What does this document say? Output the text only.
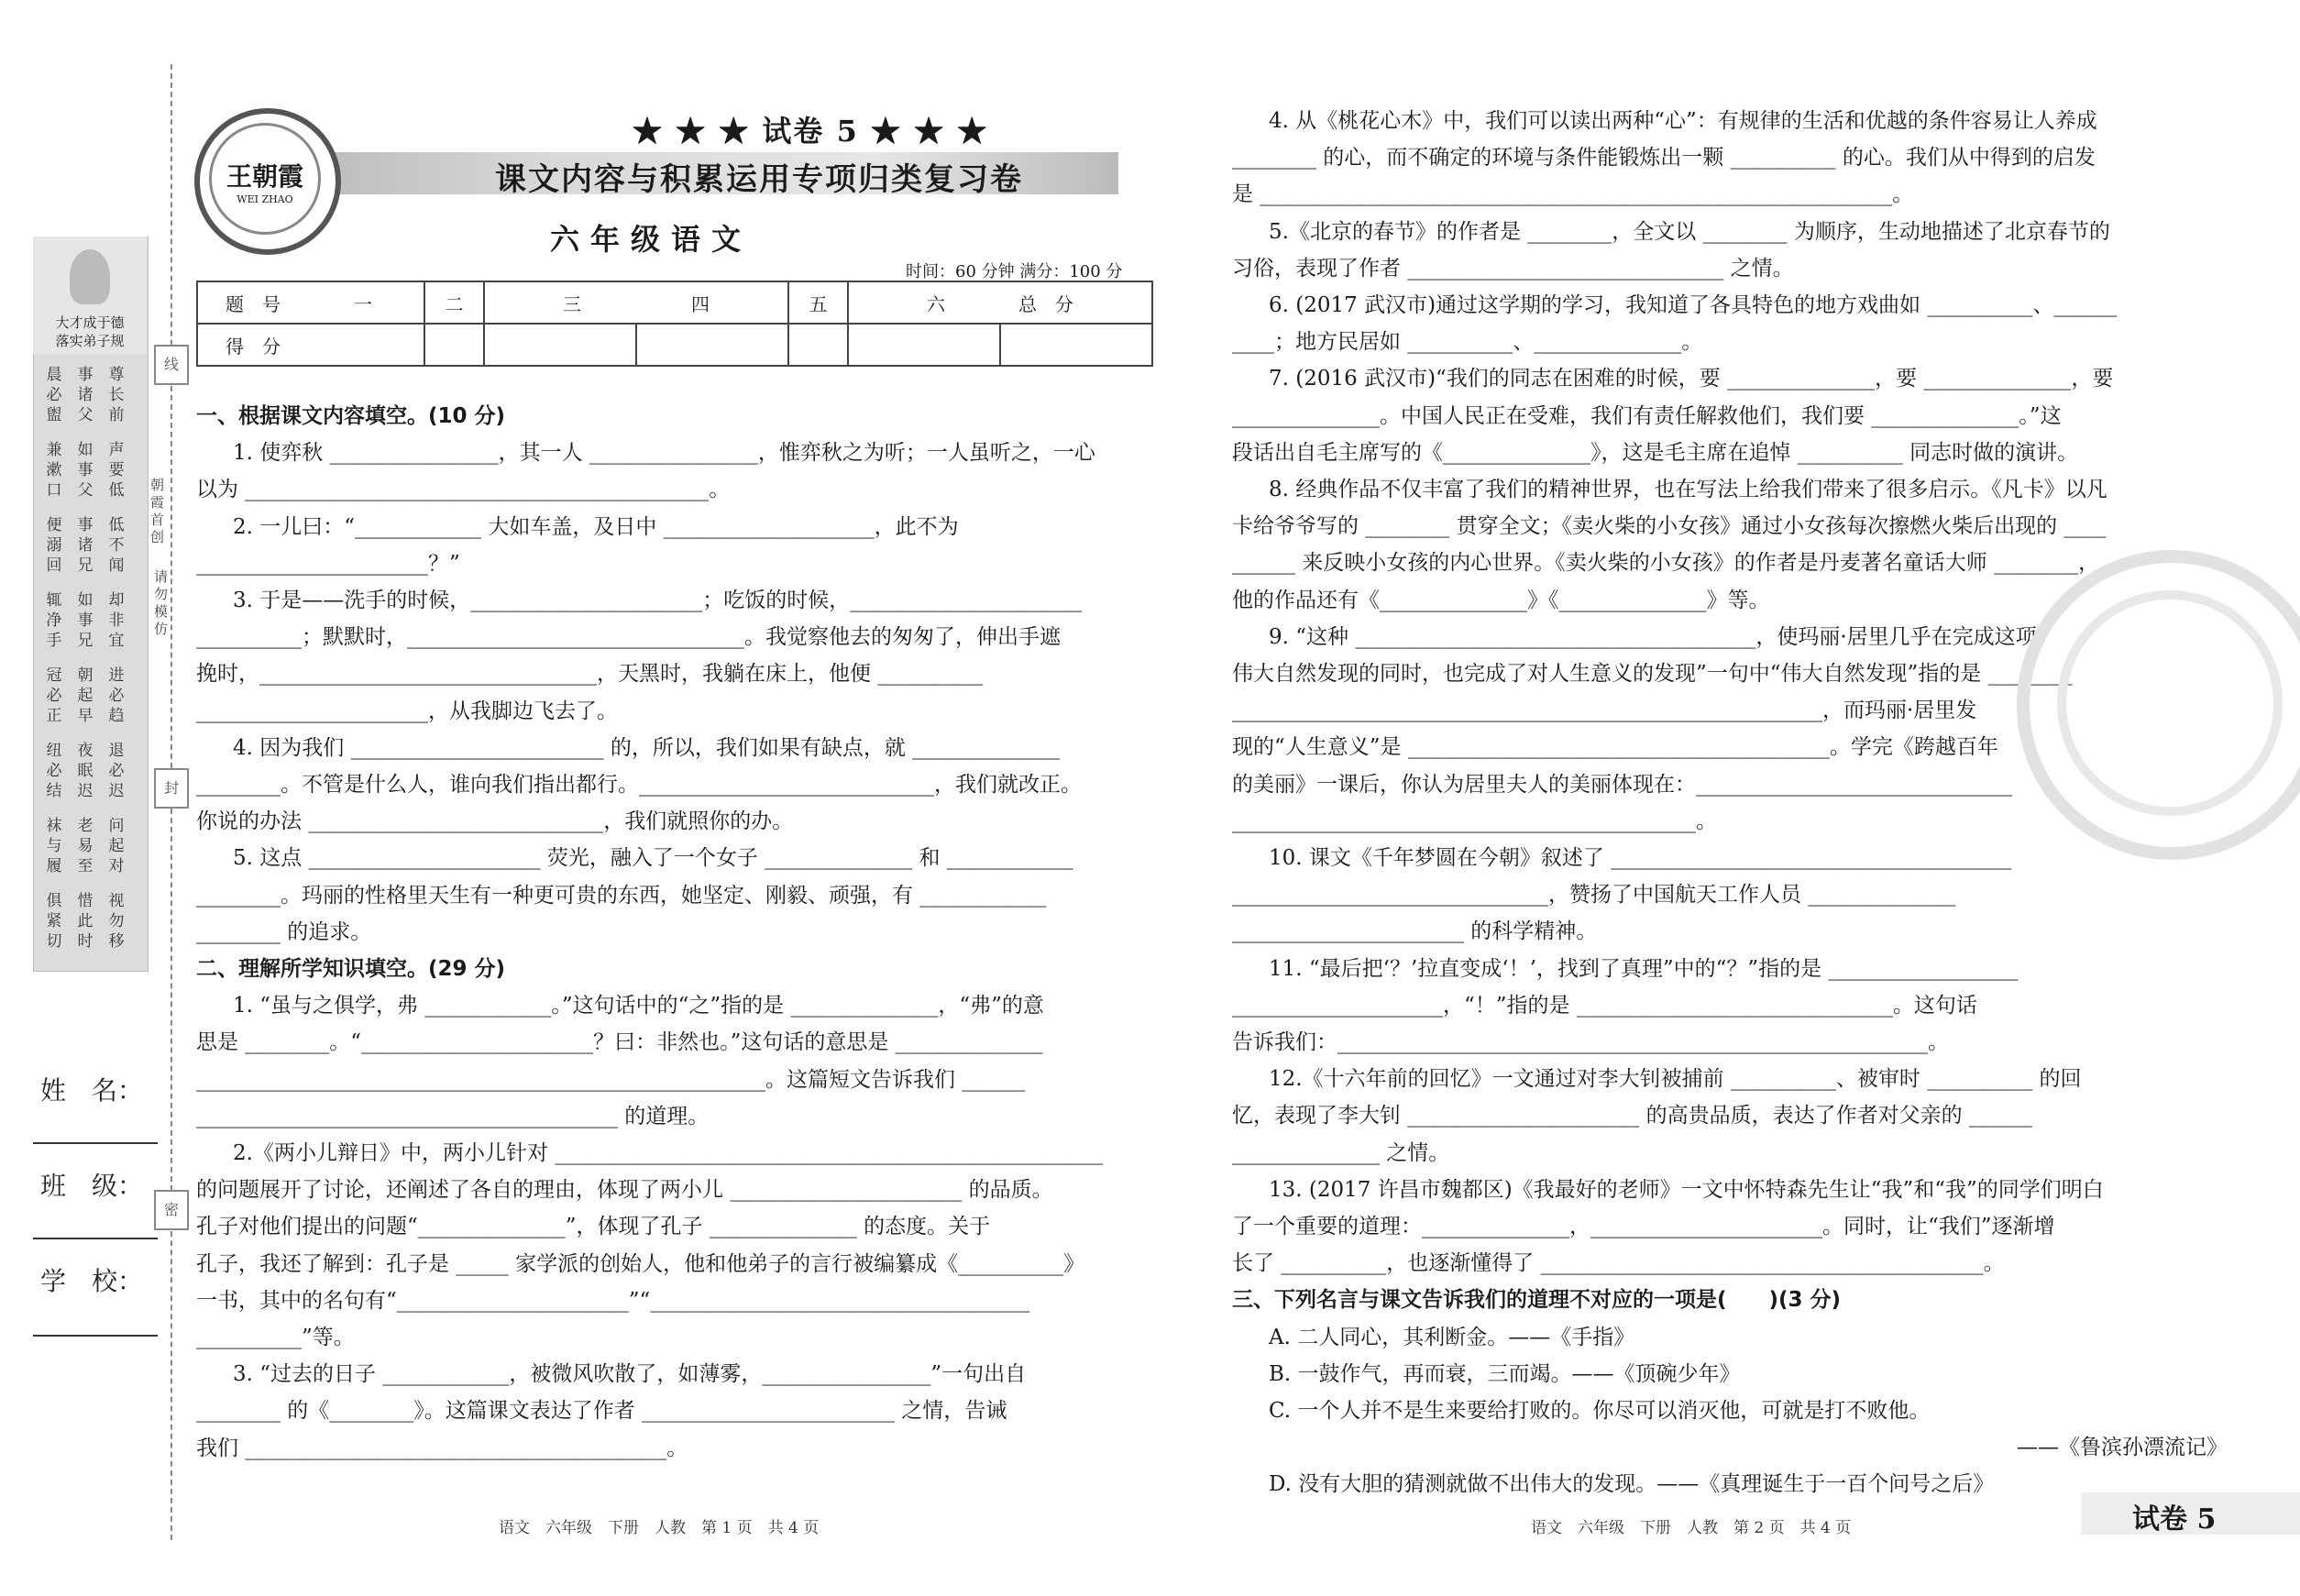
大才成于德
落实弟子规
晨必盥
事诸父
尊长前
兼漱口
如事父
声要低
便溺回
事诸兄
低不闻
辄净手
如事兄
却非宜
冠必正
朝起早
进必趋
纽必结
夜眠迟
退必迟
袜与履
老易至
问起对
俱紧切
惜此时
视勿移
线
封
密
朝霞首创
请勿模仿
姓　名：
班　级：
学　校：
王朝霞
WEI ZHAO
★ ★ ★ 试卷 5 ★ ★ ★
课文内容与积累运用专项归类复习卷
六年级语文
时间：60 分钟 满分：100 分
题　号　　　　 一	二	三　　　　　　 四		五	六　　　　 总　分	
得　分						
一、根据课文内容填空。(10 分)
1. 使弈秋 ________________，其一人 ________________，惟弈秋之为听；一人虽听之，一心
以为 ____________________________________________。
2. 一儿曰：“____________ 大如车盖，及日中 ____________________，此不为
______________________？”
3. 于是——洗手的时候，______________________；吃饭的时候，______________________
__________；默默时，________________________________。我觉察他去的匆匆了，伸出手遮
挽时，________________________________，天黑时，我躺在床上，他便 __________
______________________，从我脚边飞去了。
4. 因为我们 ________________________ 的，所以，我们如果有缺点，就 ______________
________。不管是什么人，谁向我们指出都行。____________________________，我们就改正。
你说的办法 ____________________________，我们就照你的办。
5. 这点 ______________________ 荧光，融入了一个女子 ______________ 和 ____________
________。玛丽的性格里天生有一种更可贵的东西，她坚定、刚毅、顽强，有 ____________
________ 的追求。
二、理解所学知识填空。(29 分)
1. “虽与之俱学，弗 ____________。”这句话中的“之”指的是 ______________，“弗”的意
思是 ________。“______________________？曰：非然也。”这句话的意思是 ______________
______________________________________________________。这篇短文告诉我们 ______
________________________________________ 的道理。
2.《两小儿辩日》中，两小儿针对 ____________________________________________________
的问题展开了讨论，还阐述了各自的理由，体现了两小儿 ______________________ 的品质。
孔子对他们提出的问题“______________”，体现了孔子 ______________ 的态度。关于
孔子，我还了解到：孔子是 _____ 家学派的创始人，他和他弟子的言行被编纂成《__________》
一书，其中的名句有“______________________”“____________________________________
__________”等。
3. “过去的日子 ____________，被微风吹散了，如薄雾，________________”一句出自
________ 的《________》。这篇课文表达了作者 ________________________ 之情，告诫
我们 ________________________________________。
4. 从《桃花心木》中，我们可以读出两种“心”：有规律的生活和优越的条件容易让人养成
________ 的心，而不确定的环境与条件能锻炼出一颗 __________ 的心。我们从中得到的启发
是 ____________________________________________________________。
5.《北京的春节》的作者是 ________，全文以 ________ 为顺序，生动地描述了北京春节的
习俗，表现了作者 ______________________________ 之情。
6. (2017 武汉市)通过这学期的学习，我知道了各具特色的地方戏曲如 __________、______
____；地方民居如 __________、______________。
7. (2016 武汉市)“我们的同志在困难的时候，要 ______________，要 ______________，要
______________。中国人民正在受难，我们有责任解救他们，我们要 ______________。”这
段话出自毛主席写的《______________》，这是毛主席在追悼 __________ 同志时做的演讲。
8. 经典作品不仅丰富了我们的精神世界，也在写法上给我们带来了很多启示。《凡卡》以凡
卡给爷爷写的 ________ 贯穿全文；《卖火柴的小女孩》通过小女孩每次擦燃火柴后出现的 ____
______ 来反映小女孩的内心世界。《卖火柴的小女孩》的作者是丹麦著名童话大师 ________，
他的作品还有《______________》《______________》等。
9. “这种 ______________________________________，使玛丽·居里几乎在完成这项
伟大自然发现的同时，也完成了对人生意义的发现”一句中“伟大自然发现”指的是 ________
________________________________________________________，而玛丽·居里发
现的“人生意义”是 ________________________________________。学完《跨越百年
的美丽》一课后，你认为居里夫人的美丽体现在：______________________________
____________________________________________。
10. 课文《千年梦圆在今朝》叙述了 ______________________________________
______________________________，赞扬了中国航天工作人员 ______________
______________________ 的科学精神。
11. “最后把‘？’拉直变成‘！’，找到了真理”中的“？”指的是 __________________
____________________，“！”指的是 ______________________________。这句话
告诉我们：________________________________________________________。
12.《十六年前的回忆》一文通过对李大钊被捕前 __________、被审时 __________ 的回
忆，表现了李大钊 ______________________ 的高贵品质，表达了作者对父亲的 ______
______________ 之情。
13. (2017 许昌市魏都区)《我最好的老师》一文中怀特森先生让“我”和“我”的同学们明白
了一个重要的道理：______________，______________________。同时，让“我们”逐渐增
长了 __________，也逐渐懂得了 __________________________________________。
三、下列名言与课文告诉我们的道理不对应的一项是(　　)(3 分)
A. 二人同心，其利断金。——《手指》
B. 一鼓作气，再而衰，三而竭。——《顶碗少年》
C. 一个人并不是生来要给打败的。你尽可以消灭他，可就是打不败他。
——《鲁滨孙漂流记》
D. 没有大胆的猜测就做不出伟大的发现。——《真理诞生于一百个问号之后》
语文　六年级　下册　人教　第 1 页　共 4 页	语文　六年级　下册　人教　第 2 页　共 4 页	试卷 5
